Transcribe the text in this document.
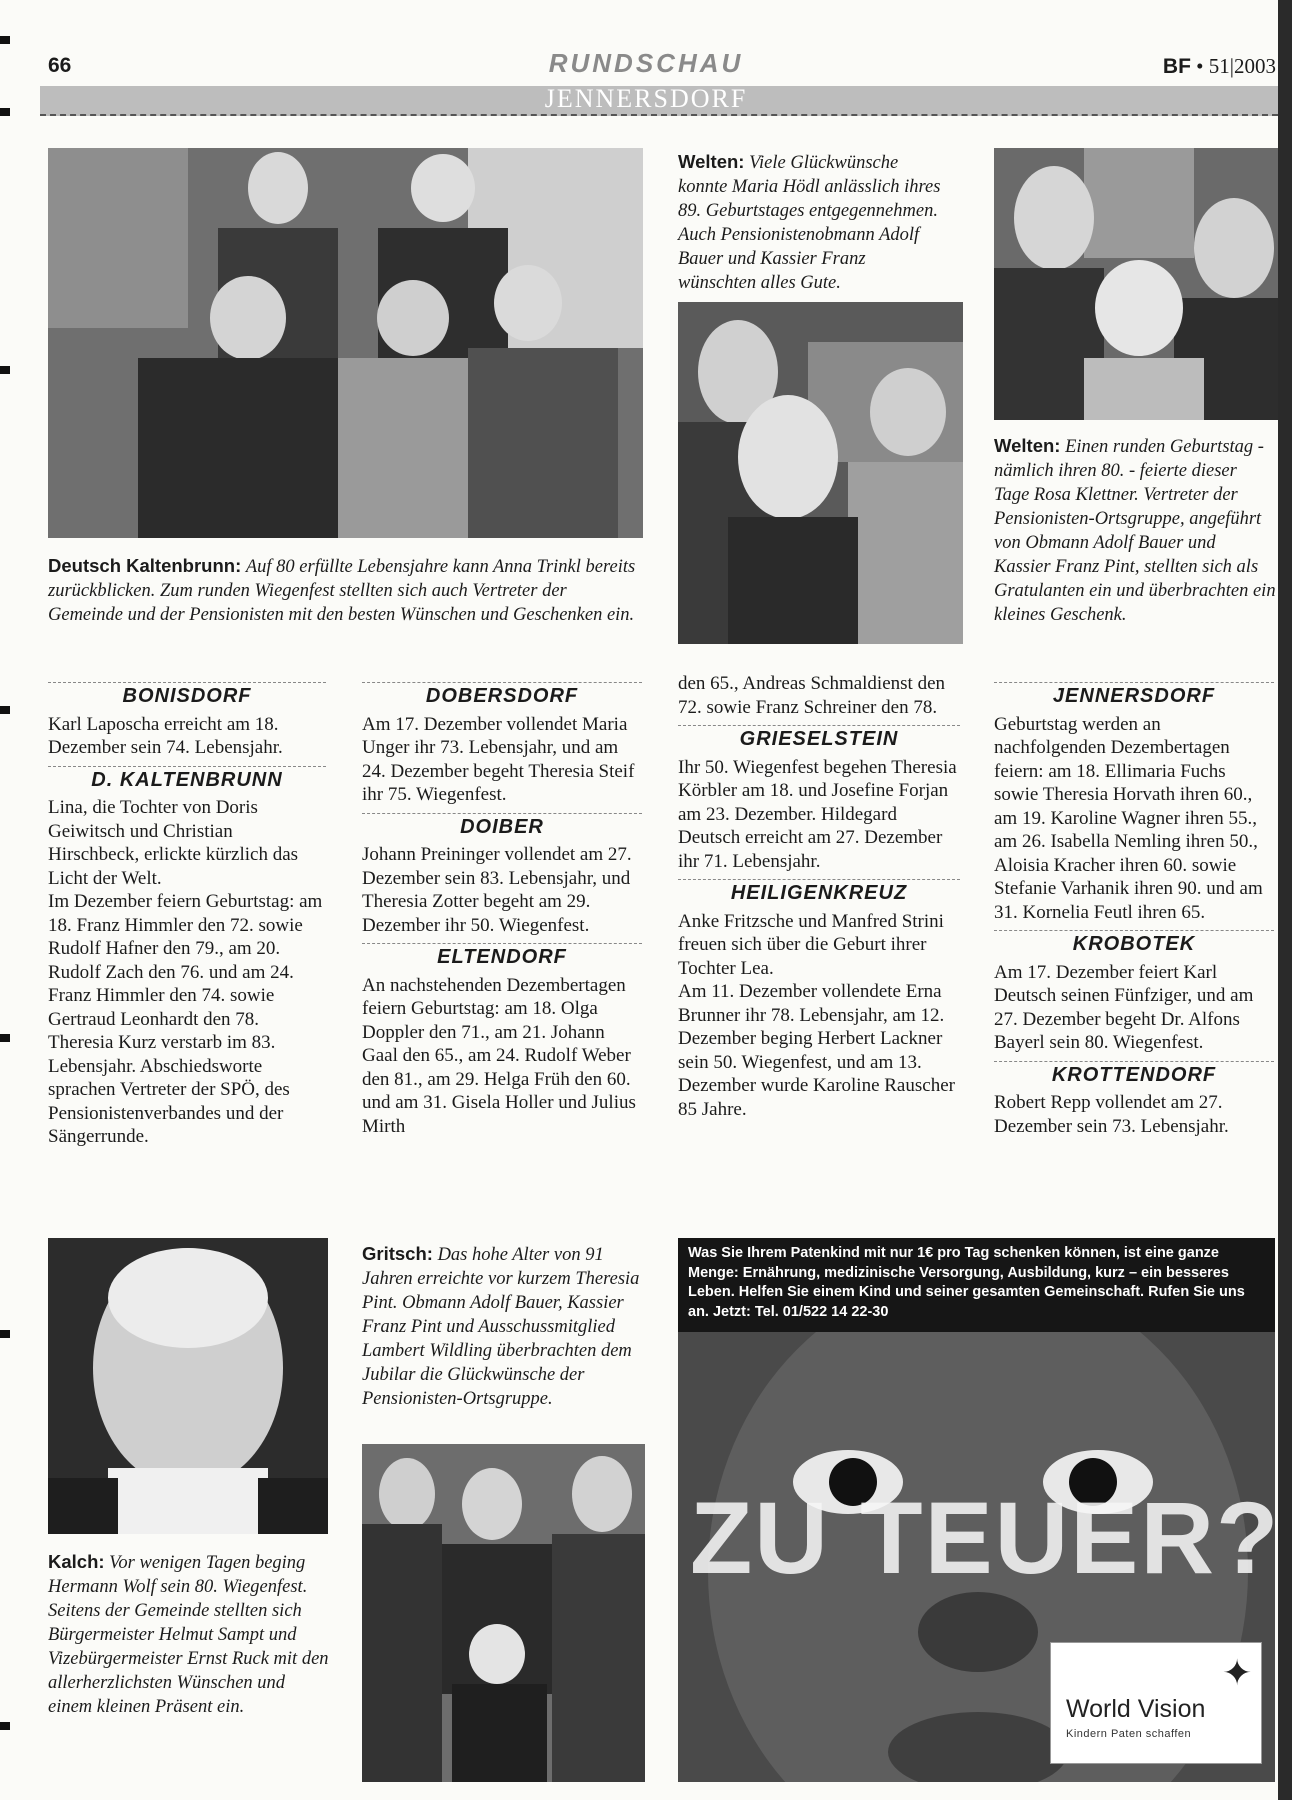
66	RUNDSCHAU	BF • 51|2003
JENNERSDORF
Deutsch Kaltenbrunn: Auf 80 erfüllte Lebensjahre kann Anna Trinkl bereits zurückblicken. Zum runden Wiegenfest stellten sich auch Vertreter der Gemeinde und der Pensionisten mit den besten Wünschen und Geschenken ein.
Welten: Viele Glückwünsche konnte Maria Hödl anlässlich ihres 89. Geburtstages entgegennehmen. Auch Pensionistenobmann Adolf Bauer und Kassier Franz wünschten alles Gute.
Welten: Einen runden Geburtstag - nämlich ihren 80. - feierte dieser Tage Rosa Klettner. Vertreter der Pensionisten-Ortsgruppe, angeführt von Obmann Adolf Bauer und Kassier Franz Pint, stellten sich als Gratulanten ein und überbrachten ein kleines Geschenk.
BONISDORF

Karl Laposcha erreicht am 18. Dezember sein 74. Lebensjahr.

D. KALTENBRUNN

Lina, die Tochter von Doris Geiwitsch und Christian Hirschbeck, erlickte kürzlich das Licht der Welt.

Im Dezember feiern Geburtstag: am 18. Franz Himmler den 72. sowie Rudolf Hafner den 79., am 20. Rudolf Zach den 76. und am 24. Franz Himmler den 74. sowie Gertraud Leonhardt den 78.

Theresia Kurz verstarb im 83. Lebensjahr. Abschiedsworte sprachen Vertreter der SPÖ, des Pensionistenverbandes und der Sängerrunde.

DOBERSDORF

Am 17. Dezember vollendet Maria Unger ihr 73. Lebensjahr, und am 24. Dezember begeht Theresia Steif ihr 75. Wiegenfest.

DOIBER

Johann Preininger vollendet am 27. Dezember sein 83. Lebensjahr, und Theresia Zotter begeht am 29. Dezember ihr 50. Wiegenfest.

ELTENDORF

An nachstehenden Dezembertagen feiern Geburtstag: am 18. Olga Doppler den 71., am 21. Johann Gaal den 65., am 24. Rudolf Weber den 81., am 29. Helga Früh den 60. und am 31. Gisela Holler und Julius Mirth

den 65., Andreas Schmaldienst den 72. sowie Franz Schreiner den 78.

GRIESELSTEIN

Ihr 50. Wiegenfest begehen Theresia Körbler am 18. und Josefine Forjan am 23. Dezember. Hildegard Deutsch erreicht am 27. Dezember ihr 71. Lebensjahr.

HEILIGENKREUZ

Anke Fritzsche und Manfred Strini freuen sich über die Geburt ihrer Tochter Lea.

Am 11. Dezember vollendete Erna Brunner ihr 78. Lebensjahr, am 12. Dezember beging Herbert Lackner sein 50. Wiegenfest, und am 13. Dezember wurde Karoline Rauscher 85 Jahre.

JENNERSDORF

Geburtstag werden an nachfolgenden Dezembertagen feiern: am 18. Ellimaria Fuchs sowie Theresia Horvath ihren 60., am 19. Karoline Wagner ihren 55., am 26. Isabella Nemling ihren 50., Aloisia Kracher ihren 60. sowie Stefanie Varhanik ihren 90. und am 31. Kornelia Feutl ihren 65.

KROBOTEK

Am 17. Dezember feiert Karl Deutsch seinen Fünfziger, und am 27. Dezember begeht Dr. Alfons Bayerl sein 80. Wiegenfest.

KROTTENDORF

Robert Repp vollendet am 27. Dezember sein 73. Lebensjahr.

Kalch: Vor wenigen Tagen beging Hermann Wolf sein 80. Wiegenfest. Seitens der Gemeinde stellten sich Bürgermeister Helmut Sampt und Vizebürgermeister Ernst Ruck mit den allerherzlichsten Wünschen und einem kleinen Präsent ein.
Gritsch: Das hohe Alter von 91 Jahren erreichte vor kurzem Theresia Pint. Obmann Adolf Bauer, Kassier Franz Pint und Ausschussmitglied Lambert Wildling überbrachten dem Jubilar die Glückwünsche der Pensionisten-Ortsgruppe.
Was Sie Ihrem Patenkind mit nur 1€ pro Tag schenken können, ist eine ganze Menge: Ernährung, medizinische Versorgung, Ausbildung, kurz – ein besseres Leben. Helfen Sie einem Kind und seiner gesamten Gemeinschaft. Rufen Sie uns an. Jetzt: Tel. 01/522 14 22-30
ZU TEUER?
✦
World Vision
Kindern Paten schaffen
